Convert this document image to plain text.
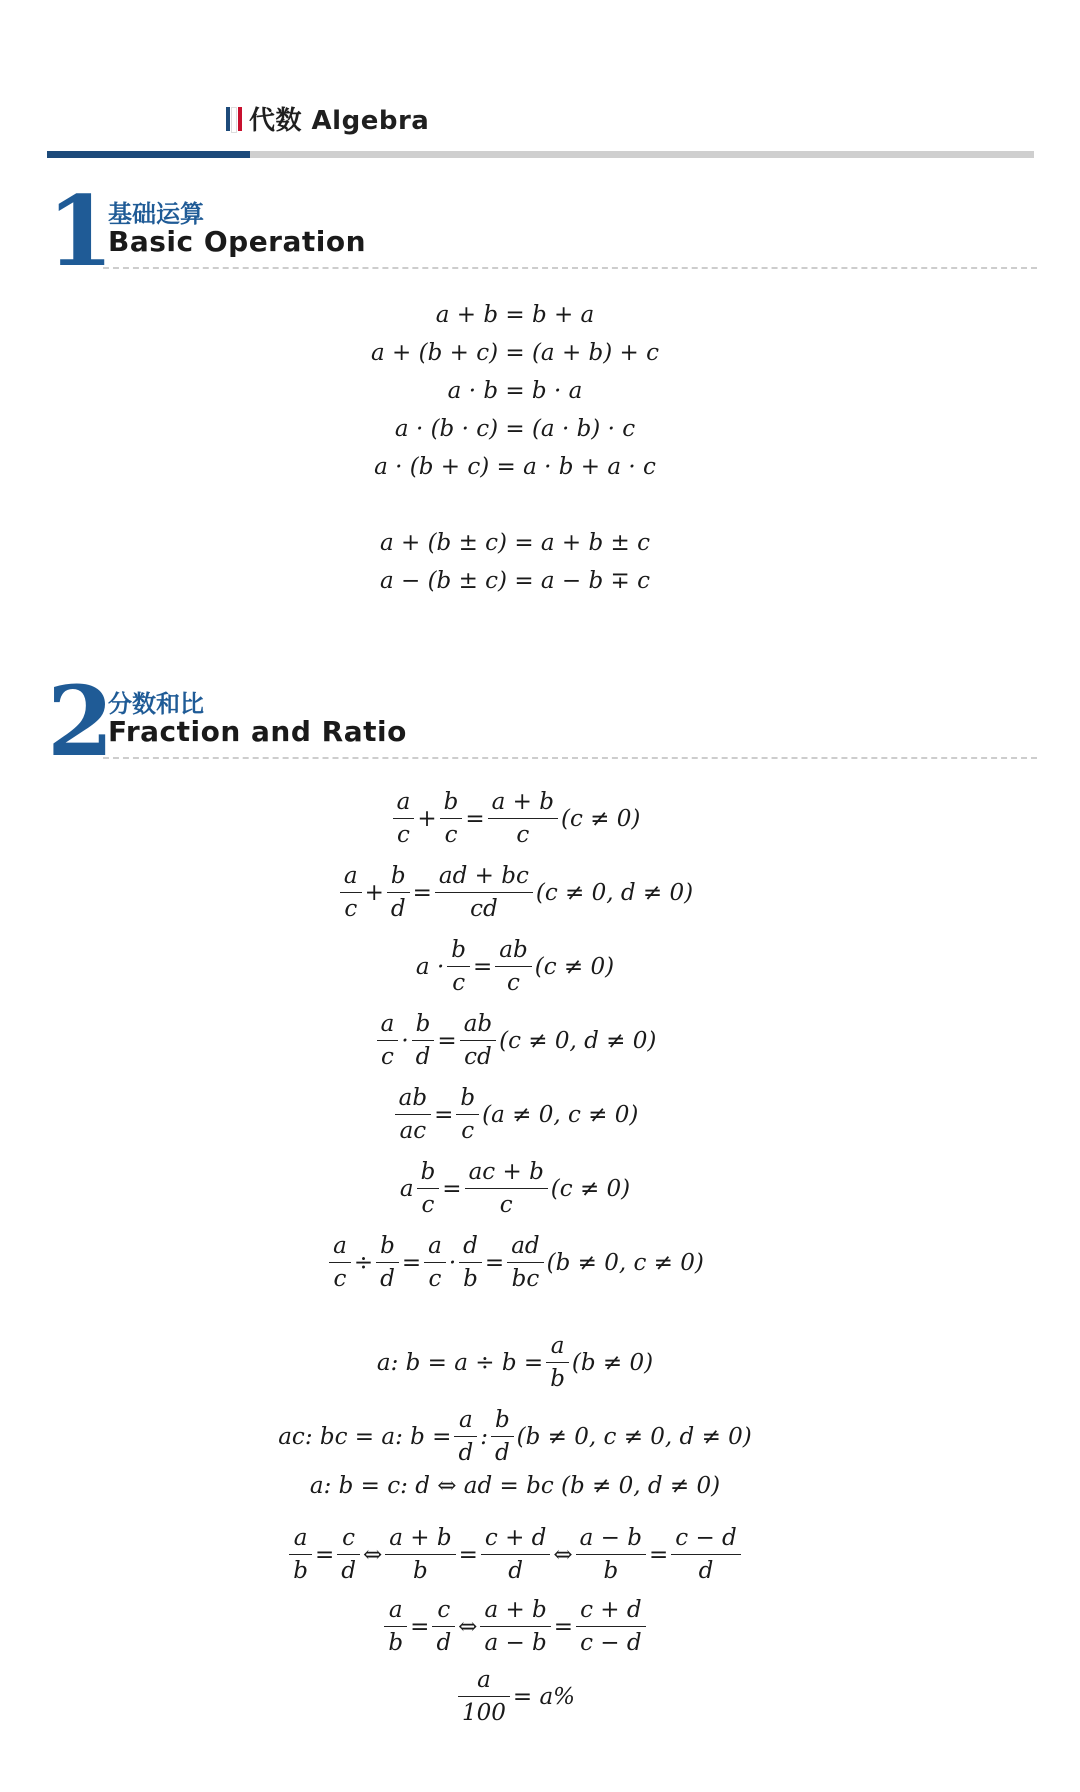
代数 Algebra
1
基础运算
Basic Operation
a + b = b + a
a + (b + c) = (a + b) + c
a · b = b · a
a · (b · c) = (a · b) · c
a · (b + c) = a · b + a · c
a + (b ± c) = a + b ± c
a − (b ± c) = a − b ∓ c
2
分数和比
Fraction and Ratio
$\frac{a}{c} + \frac{b}{c} = \frac{a + b}{c} (c \ne 0)$
$\frac{a}{c} + \frac{b}{d} = \frac{ad + bc}{cd} (c \ne 0$, d ≠ 0)
$a \cdot \frac{b}{c} = \frac{ab}{c} (c \ne 0)$
$\frac{a}{c} \cdot \frac{b}{d} = \frac{ab}{cd} (c \ne 0$, d ≠ 0)
$\frac{ab}{ac} = \frac{b}{c} (a \ne 0$, c ≠ 0)
a $\frac{b}{c} = \frac{ac + b}{c} (c \ne 0)$
$\frac{a}{c} \div \frac{b}{d} = \frac{a}{c} \cdot \frac{d}{b} = \frac{ad}{bc} (b \ne 0$, c ≠ 0)
a: $b = a \div b = \frac{a}{b} (b \ne 0)$
ac: bc = a: $b = \frac{a}{d}$ : $\frac{b}{d} (b \ne 0$, c ≠ 0, d ≠ 0)
a: b = c: d ⇔ ad = bc (b ≠ 0, d ≠ 0)
$\frac{a}{b} = \frac{c}{d}$ ⇔ $\frac{a + b}{b} = \frac{c + d}{d}$ ⇔ $\frac{a - b}{b} = \frac{c - d}{d}$
$\frac{a}{b} = \frac{c}{d}$ ⇔ $\frac{a + b}{a - b} = \frac{c + d}{c - d}$
$\frac{a}{100} = a\%$
